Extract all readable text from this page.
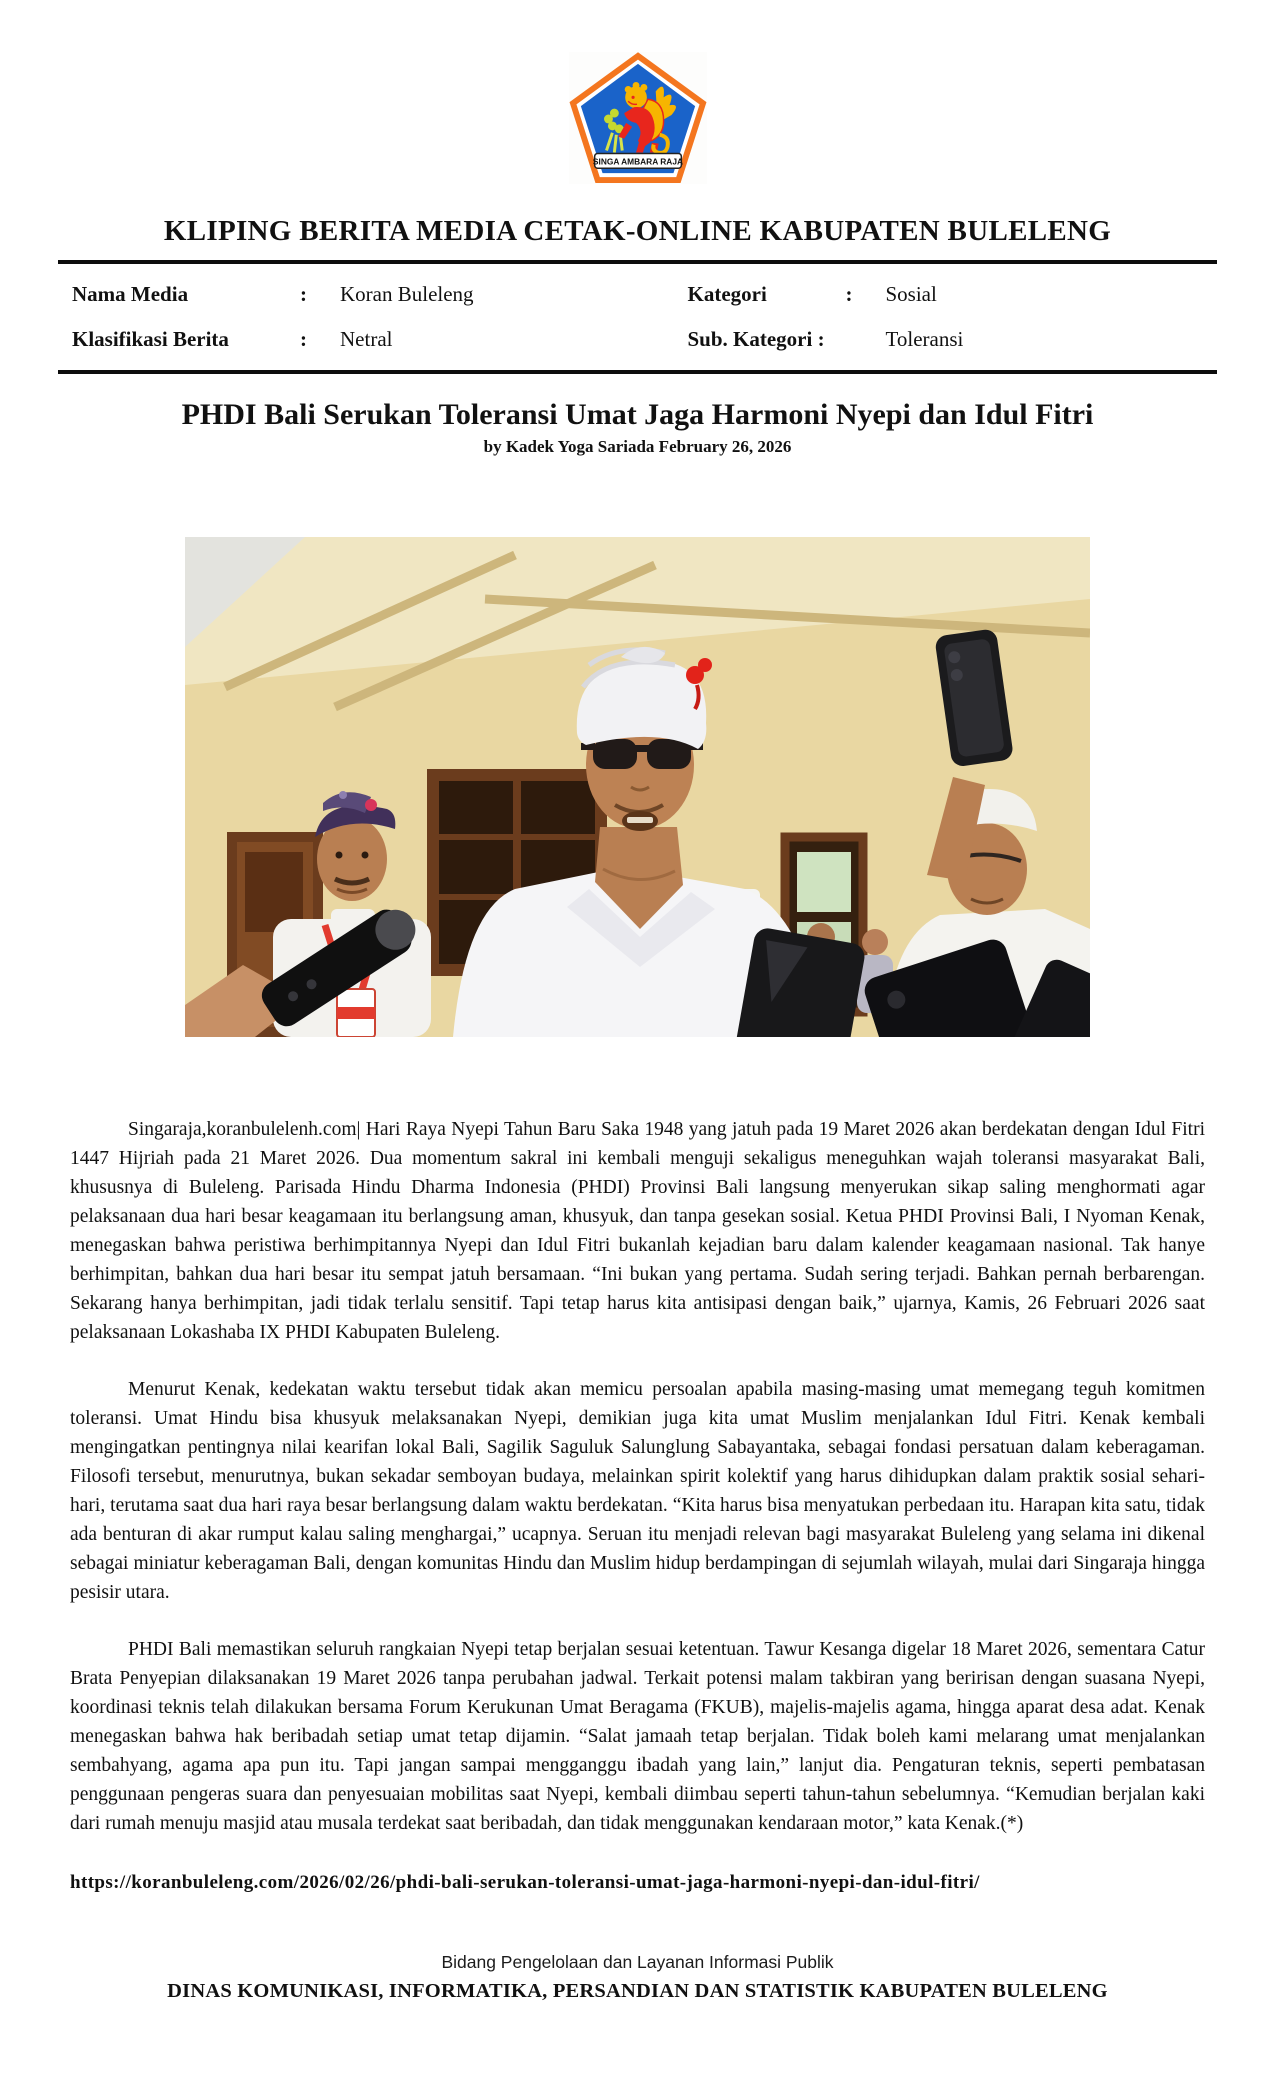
SINGA AMBARA RAJA
KLIPING BERITA MEDIA CETAK-ONLINE KABUPATEN BULELENG
Nama Media	:	Koran Buleleng	Kategori	:	Sosial
Klasifikasi Berita	:	Netral	Sub. Kategori :	Toleransi
PHDI Bali Serukan Toleransi Umat Jaga Harmoni Nyepi dan Idul Fitri
by Kadek Yoga Sariada February 26, 2026

Singaraja,koranbulelenh.com| Hari Raya Nyepi Tahun Baru Saka 1948 yang jatuh pada 19 Maret 2026 akan berdekatan dengan Idul Fitri 1447 Hijriah pada 21 Maret 2026. Dua momentum sakral ini kembali menguji sekaligus meneguhkan wajah toleransi masyarakat Bali, khususnya di Buleleng. Parisada Hindu Dharma Indonesia (PHDI) Provinsi Bali langsung menyerukan sikap saling menghormati agar pelaksanaan dua hari besar keagamaan itu berlangsung aman, khusyuk, dan tanpa gesekan sosial. Ketua PHDI Provinsi Bali, I Nyoman Kenak, menegaskan bahwa peristiwa berhimpitannya Nyepi dan Idul Fitri bukanlah kejadian baru dalam kalender keagamaan nasional. Tak hanye berhimpitan, bahkan dua hari besar itu sempat jatuh bersamaan. “Ini bukan yang pertama. Sudah sering terjadi. Bahkan pernah berbarengan. Sekarang hanya berhimpitan, jadi tidak terlalu sensitif. Tapi tetap harus kita antisipasi dengan baik,” ujarnya, Kamis, 26 Februari 2026 saat pelaksanaan Lokashaba IX PHDI Kabupaten Buleleng.

Menurut Kenak, kedekatan waktu tersebut tidak akan memicu persoalan apabila masing-masing umat memegang teguh komitmen toleransi. Umat Hindu bisa khusyuk melaksanakan Nyepi, demikian juga kita umat Muslim menjalankan Idul Fitri. Kenak kembali mengingatkan pentingnya nilai kearifan lokal Bali, Sagilik Saguluk Salunglung Sabayantaka, sebagai fondasi persatuan dalam keberagaman. Filosofi tersebut, menurutnya, bukan sekadar semboyan budaya, melainkan spirit kolektif yang harus dihidupkan dalam praktik sosial sehari-hari, terutama saat dua hari raya besar berlangsung dalam waktu berdekatan. “Kita harus bisa menyatukan perbedaan itu. Harapan kita satu, tidak ada benturan di akar rumput kalau saling menghargai,” ucapnya. Seruan itu menjadi relevan bagi masyarakat Buleleng yang selama ini dikenal sebagai miniatur keberagaman Bali, dengan komunitas Hindu dan Muslim hidup berdampingan di sejumlah wilayah, mulai dari Singaraja hingga pesisir utara.

PHDI Bali memastikan seluruh rangkaian Nyepi tetap berjalan sesuai ketentuan. Tawur Kesanga digelar 18 Maret 2026, sementara Catur Brata Penyepian dilaksanakan 19 Maret 2026 tanpa perubahan jadwal. Terkait potensi malam takbiran yang beririsan dengan suasana Nyepi, koordinasi teknis telah dilakukan bersama Forum Kerukunan Umat Beragama (FKUB), majelis-majelis agama, hingga aparat desa adat. Kenak menegaskan bahwa hak beribadah setiap umat tetap dijamin. “Salat jamaah tetap berjalan. Tidak boleh kami melarang umat menjalankan sembahyang, agama apa pun itu. Tapi jangan sampai mengganggu ibadah yang lain,” lanjut dia. Pengaturan teknis, seperti pembatasan penggunaan pengeras suara dan penyesuaian mobilitas saat Nyepi, kembali diimbau seperti tahun-tahun sebelumnya. “Kemudian berjalan kaki dari rumah menuju masjid atau musala terdekat saat beribadah, dan tidak menggunakan kendaraan motor,” kata Kenak.(*)

https://koranbuleleng.com/2026/02/26/phdi-bali-serukan-toleransi-umat-jaga-harmoni-nyepi-dan-idul-fitri/
Bidang Pengelolaan dan Layanan Informasi Publik
DINAS KOMUNIKASI, INFORMATIKA, PERSANDIAN DAN STATISTIK KABUPATEN BULELENG
